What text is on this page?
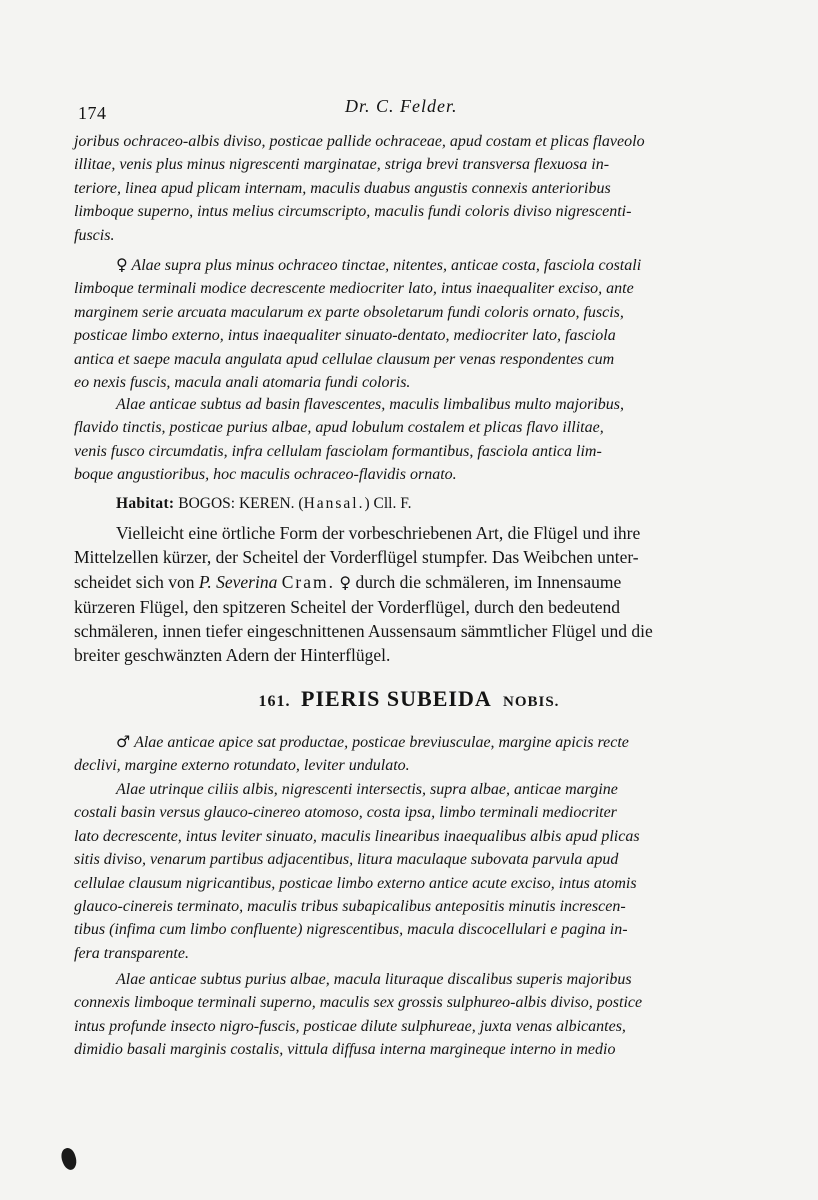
174	Dr. C. Felder.

joribus ochraceo-albis diviso, posticae pallide ochraceae, apud costam et plicas flaveolo
illitae, venis plus minus nigrescenti marginatae, striga brevi transversa flexuosa in-
teriore, linea apud plicam internam, maculis duabus angustis connexis anterioribus
limboque superno, intus melius circumscripto, maculis fundi coloris diviso nigrescenti-
fuscis.

♀ Alae supra plus minus ochraceo tinctae, nitentes, anticae costa, fasciola costali
limboque terminali modice decrescente mediocriter lato, intus inaequaliter exciso, ante
marginem serie arcuata macularum ex parte obsoletarum fundi coloris ornato, fuscis,
posticae limbo externo, intus inaequaliter sinuato-dentato, mediocriter lato, fasciola
antica et saepe macula angulata apud cellulae clausum per venas respondentes cum
eo nexis fuscis, macula anali atomaria fundi coloris.

Alae anticae subtus ad basin flavescentes, maculis limbalibus multo majoribus,
flavido tinctis, posticae purius albae, apud lobulum costalem et plicas flavo illitae,
venis fusco circumdatis, infra cellulam fasciolam formantibus, fasciola antica lim-
boque angustioribus, hoc maculis ochraceo-flavidis ornato.

Habitat: BOGOS: KEREN. (Hansal.) Cll. F.

Vielleicht eine örtliche Form der vorbeschriebenen Art, die Flügel und ihre
Mittelzellen kürzer, der Scheitel der Vorderflügel stumpfer. Das Weibchen unter-
scheidet sich von P. Severina Cram. ♀ durch die schmäleren, im Innensaume
kürzeren Flügel, den spitzeren Scheitel der Vorderflügel, durch den bedeutend
schmäleren, innen tiefer eingeschnittenen Aussensaum sämmtlicher Flügel und die
breiter geschwänzten Adern der Hinterflügel.

161. PIERIS SUBEIDA NOBIS.

♂ Alae anticae apice sat productae, posticae breviusculae, margine apicis recte
declivi, margine externo rotundato, leviter undulato.

Alae utrinque ciliis albis, nigrescenti intersectis, supra albae, anticae margine
costali basin versus glauco-cinereo atomoso, costa ipsa, limbo terminali mediocriter
lato decrescente, intus leviter sinuato, maculis linearibus inaequalibus albis apud plicas
sitis diviso, venarum partibus adjacentibus, litura maculaque subovata parvula apud
cellulae clausum nigricantibus, posticae limbo externo antice acute exciso, intus atomis
glauco-cinereis terminato, maculis tribus subapicalibus antepositis minutis increscen-
tibus (infima cum limbo confluente) nigrescentibus, macula discocellulari e pagina in-
fera transparente.

Alae anticae subtus purius albae, macula lituraque discalibus superis majoribus
connexis limboque terminali superno, maculis sex grossis sulphureo-albis diviso, postice
intus profunde insecto nigro-fuscis, posticae dilute sulphureae, juxta venas albicantes,
dimidio basali marginis costalis, vittula diffusa interna margineque interno in medio
